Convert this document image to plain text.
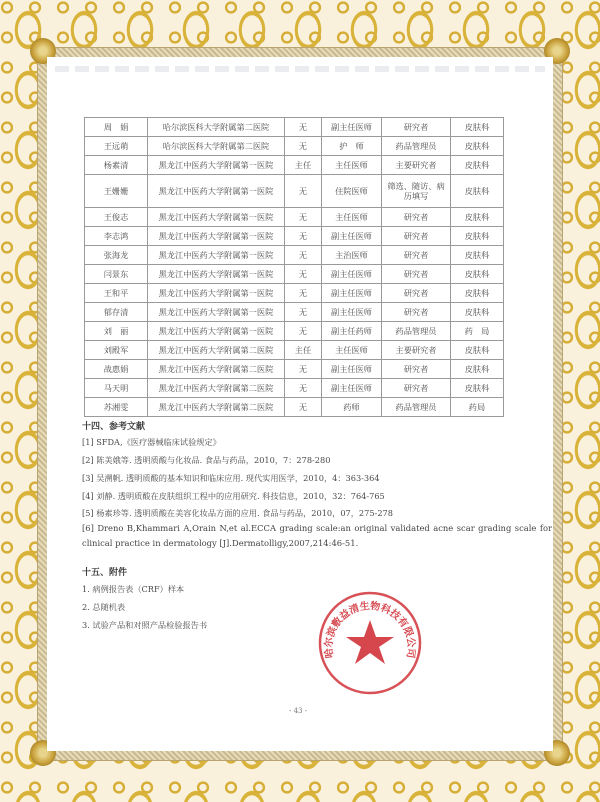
周　娟	哈尔滨医科大学附属第二医院	无	副主任医师	研究者	皮肤科
王远萌	哈尔滨医科大学附属第二医院	无	护　师	药品管理员	皮肤科
杨素清	黑龙江中医药大学附属第一医院	主任	主任医师	主要研究者	皮肤科
王姗姗	黑龙江中医药大学附属第一医院	无	住院医师	筛选、随访、病历填写	皮肤科
王俊志	黑龙江中医药大学附属第一医院	无	主任医师	研究者	皮肤科
李志鸿	黑龙江中医药大学附属第一医院	无	副主任医师	研究者	皮肤科
张海龙	黑龙江中医药大学附属第一医院	无	主治医师	研究者	皮肤科
闫景东	黑龙江中医药大学附属第一医院	无	副主任医师	研究者	皮肤科
王和平	黑龙江中医药大学附属第一医院	无	副主任医师	研究者	皮肤科
郁存清	黑龙江中医药大学附属第一医院	无	副主任医师	研究者	皮肤科
刘　丽	黑龙江中医药大学附属第一医院	无	副主任药师	药品管理员	药　局
刘殿军	黑龙江中医药大学附属第二医院	主任	主任医师	主要研究者	皮肤科
战惠娟	黑龙江中医药大学附属第二医院	无	副主任医师	研究者	皮肤科
马天明	黑龙江中医药大学附属第二医院	无	副主任医师	研究者	皮肤科
苏湘雯	黑龙江中医药大学附属第二医院	无	药师	药品管理员	药局
十四、参考文献
[1] SFDA,《医疗器械临床试验规定》
[2] 陈美娥等. 透明质酸与化妆品. 食品与药品，2010，7：278-280
[3] 吴溯帆. 透明质酸的基本知识和临床应用. 现代实用医学，2010，4：363-364
[4] 刘静. 透明质酸在皮肤组织工程中的应用研究. 科技信息，2010，32：764-765
[5] 杨素珍等. 透明质酸在美容化妆品方面的应用. 食品与药品，2010，07，275-278
[6] Dreno B,Khammari A,Orain N,et al.ECCA grading scale:an original validated acne scar grading scale for clinical practice in dermatology [J].Dermatolligy,2007,214:46-51.
十五、附件
1. 病例报告表（CRF）样本
2. 总随机表
3. 试验产品和对照产品检验报告书
哈尔滨敷益清生物科技有限公司
- 43 -
